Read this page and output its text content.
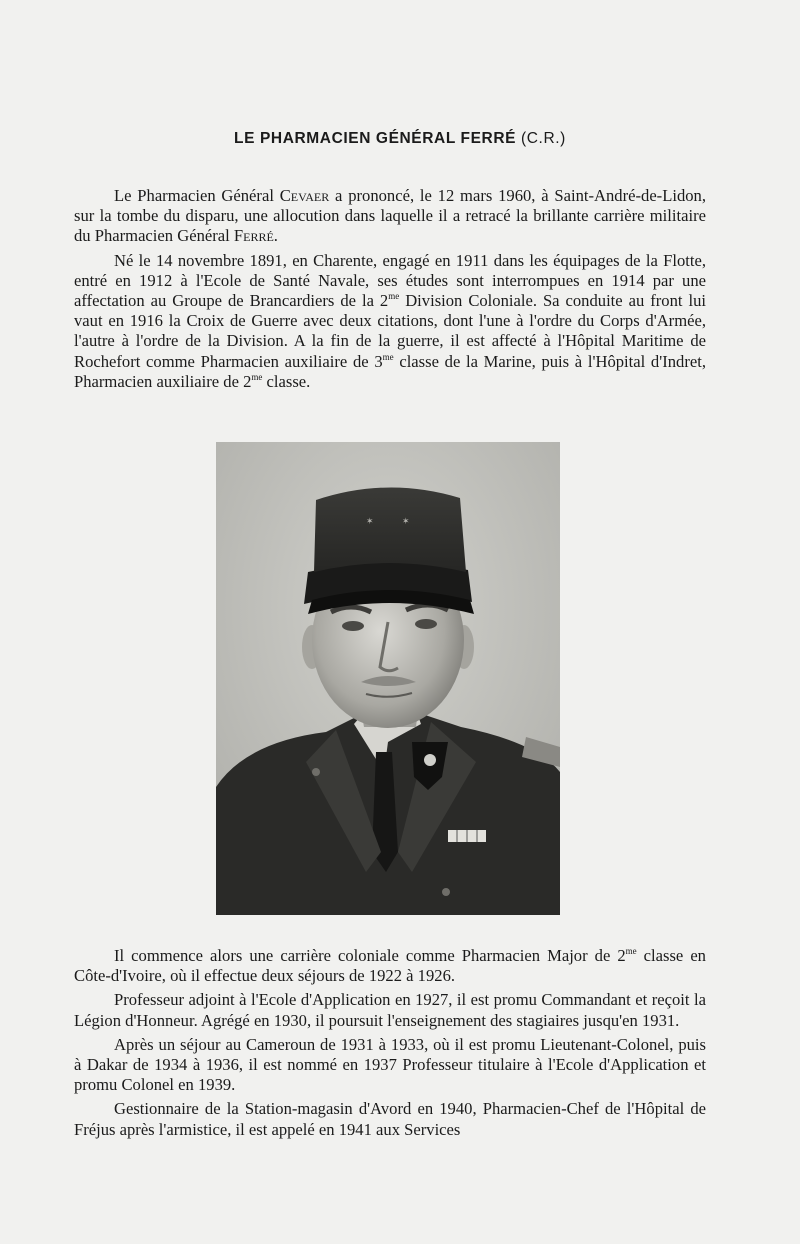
LE PHARMACIEN GÉNÉRAL FERRÉ (C.R.)

Le Pharmacien Général Cevaer a prononcé, le 12 mars 1960, à Saint-André-de-Lidon, sur la tombe du disparu, une allocution dans laquelle il a retracé la brillante carrière militaire du Pharmacien Général Ferré.

Né le 14 novembre 1891, en Charente, engagé en 1911 dans les équipages de la Flotte, entré en 1912 à l'Ecole de Santé Navale, ses études sont interrompues en 1914 par une affectation au Groupe de Brancardiers de la $2^{me}$ Division Coloniale. Sa conduite au front lui vaut en 1916 la Croix de Guerre avec deux citations, dont l'une à l'ordre du Corps d'Armée, l'autre à l'ordre de la Division. A la fin de la guerre, il est affecté à l'Hôpital Maritime de Rochefort comme Pharmacien auxiliaire de $3^{me}$ classe de la Marine, puis à l'Hôpital d'Indret, Pharmacien auxiliaire de $2^{me}$ classe.

✶	✶

Il commence alors une carrière coloniale comme Pharmacien Major de $2^{me}$ classe en Côte-d'Ivoire, où il effectue deux séjours de 1922 à 1926.

Professeur adjoint à l'Ecole d'Application en 1927, il est promu Commandant et reçoit la Légion d'Honneur. Agrégé en 1930, il poursuit l'enseignement des stagiaires jusqu'en 1931.

Après un séjour au Cameroun de 1931 à 1933, où il est promu Lieutenant-Colonel, puis à Dakar de 1934 à 1936, il est nommé en 1937 Professeur titulaire à l'Ecole d'Application et promu Colonel en 1939.

Gestionnaire de la Station-magasin d'Avord en 1940, Pharmacien-Chef de l'Hôpital de Fréjus après l'armistice, il est appelé en 1941 aux Services
